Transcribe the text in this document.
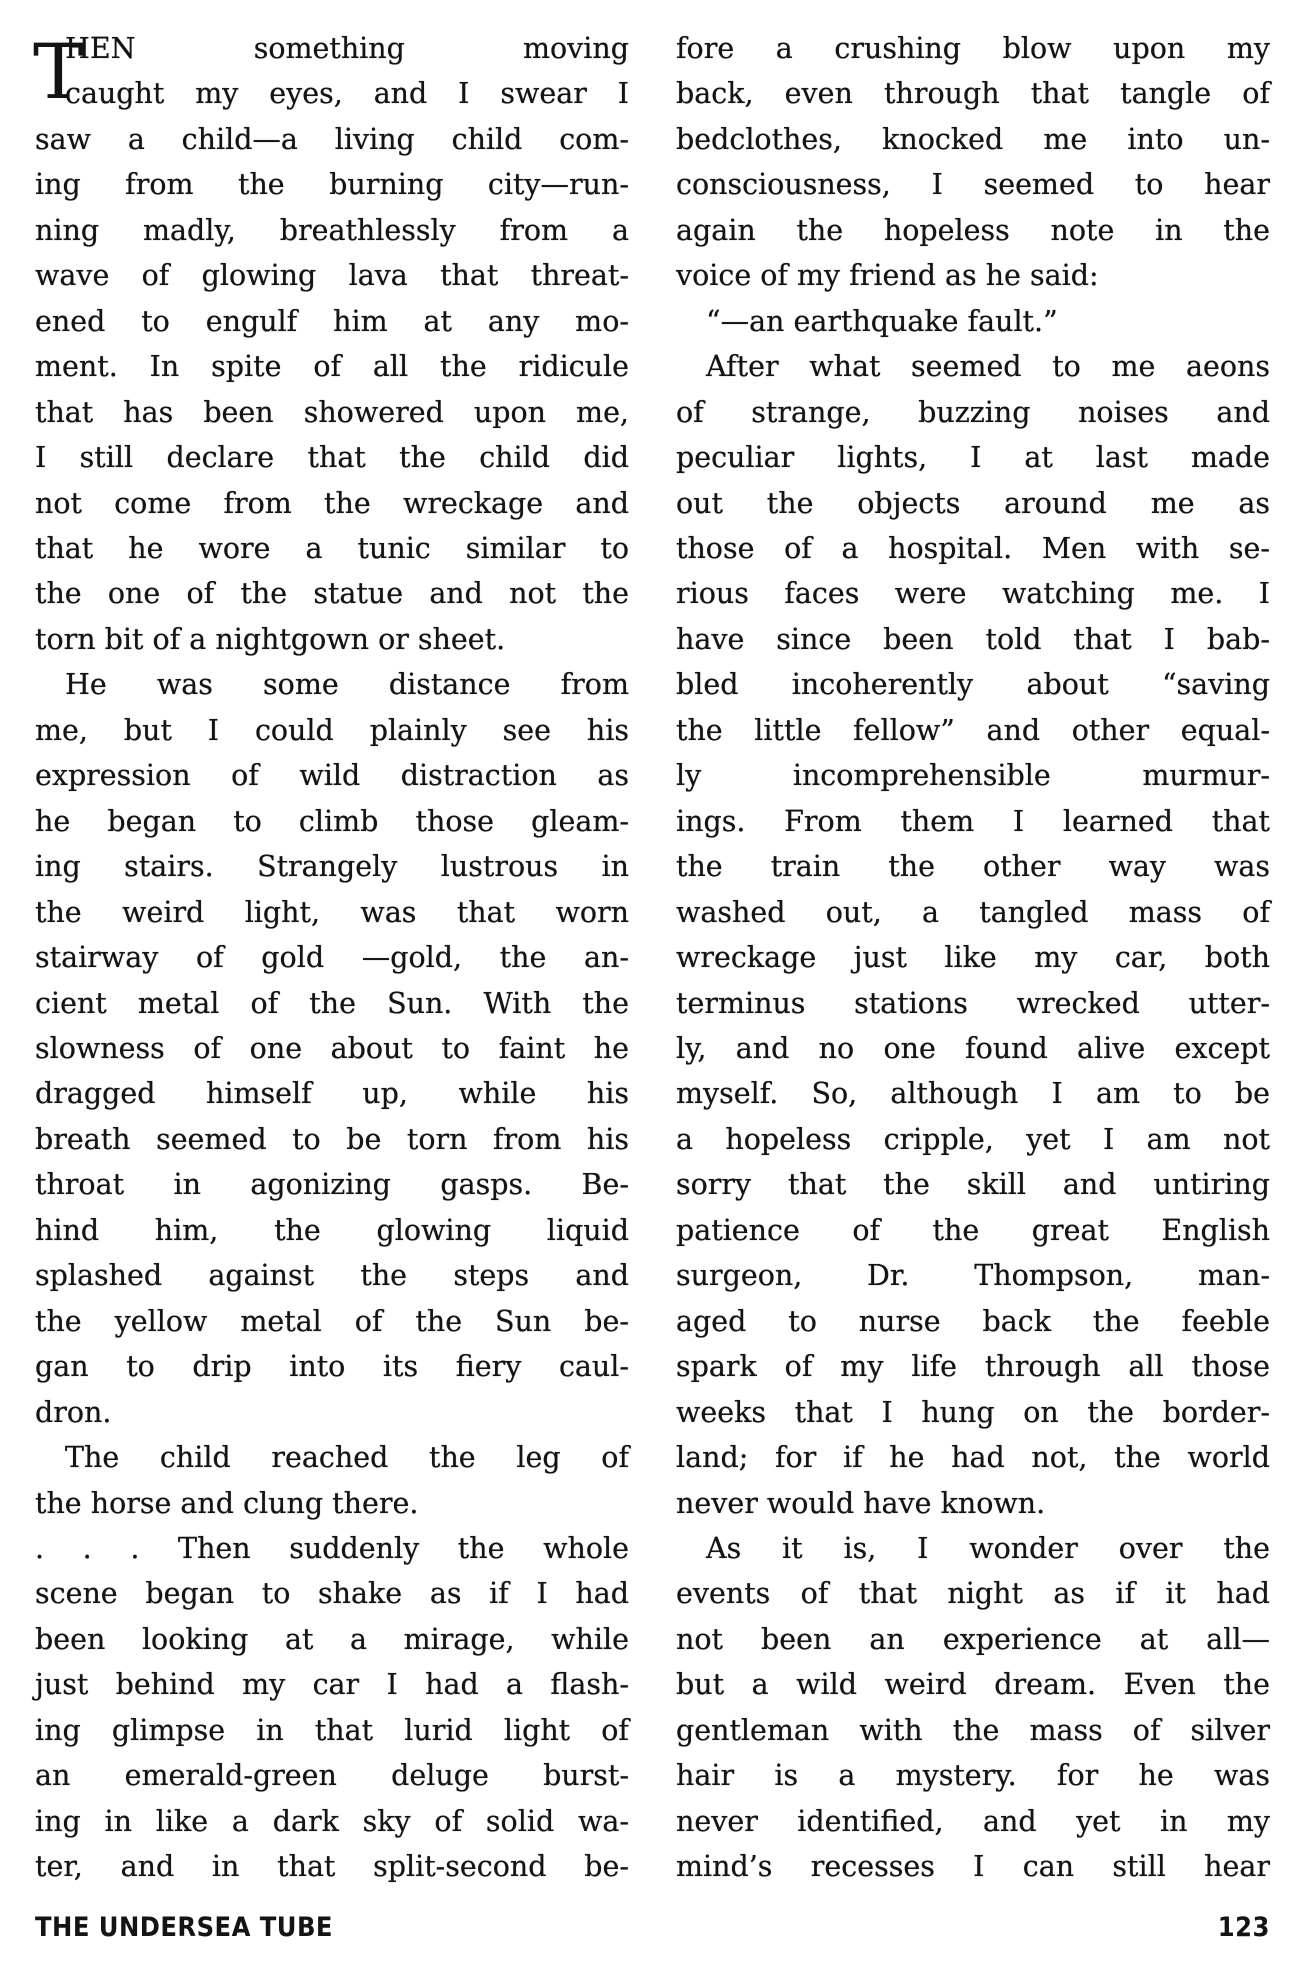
T
HEN something moving
caught my eyes, and I swear I
saw a child—a living child com-
ing from the burning city—run-
ning madly, breathlessly from a
wave of glowing lava that threat-
ened to engulf him at any mo-
ment. In spite of all the ridicule
that has been showered upon me,
I still declare that the child did
not come from the wreckage and
that he wore a tunic similar to
the one of the statue and not the
torn bit of a nightgown or sheet.
He was some distance from
me, but I could plainly see his
expression of wild distraction as
he began to climb those gleam-
ing stairs. Strangely lustrous in
the weird light, was that worn
stairway of gold —gold, the an-
cient metal of the Sun. With the
slowness of one about to faint he
dragged himself up, while his
breath seemed to be torn from his
throat in agonizing gasps. Be-
hind him, the glowing liquid
splashed against the steps and
the yellow metal of the Sun be-
gan to drip into its fiery caul-
dron.
The child reached the leg of
the horse and clung there.
. . . Then suddenly the whole
scene began to shake as if I had
been looking at a mirage, while
just behind my car I had a flash-
ing glimpse in that lurid light of
an emerald-green deluge burst-
ing in like a dark sky of solid wa-
ter, and in that split-second be-
fore a crushing blow upon my
back, even through that tangle of
bedclothes, knocked me into un-
consciousness, I seemed to hear
again the hopeless note in the
voice of my friend as he said:
“—an earthquake fault.”
After what seemed to me aeons
of strange, buzzing noises and
peculiar lights, I at last made
out the objects around me as
those of a hospital. Men with se-
rious faces were watching me. I
have since been told that I bab-
bled incoherently about “saving
the little fellow” and other equal-
ly incomprehensible murmur-
ings. From them I learned that
the train the other way was
washed out, a tangled mass of
wreckage just like my car, both
terminus stations wrecked utter-
ly, and no one found alive except
myself. So, although I am to be
a hopeless cripple, yet I am not
sorry that the skill and untiring
patience of the great English
surgeon, Dr. Thompson, man-
aged to nurse back the feeble
spark of my life through all those
weeks that I hung on the border-
land; for if he had not, the world
never would have known.
As it is, I wonder over the
events of that night as if it had
not been an experience at all—
but a wild weird dream. Even the
gentleman with the mass of silver
hair is a mystery. for he was
never identified, and yet in my
mind’s recesses I can still hear
THE UNDERSEA TUBE	123
